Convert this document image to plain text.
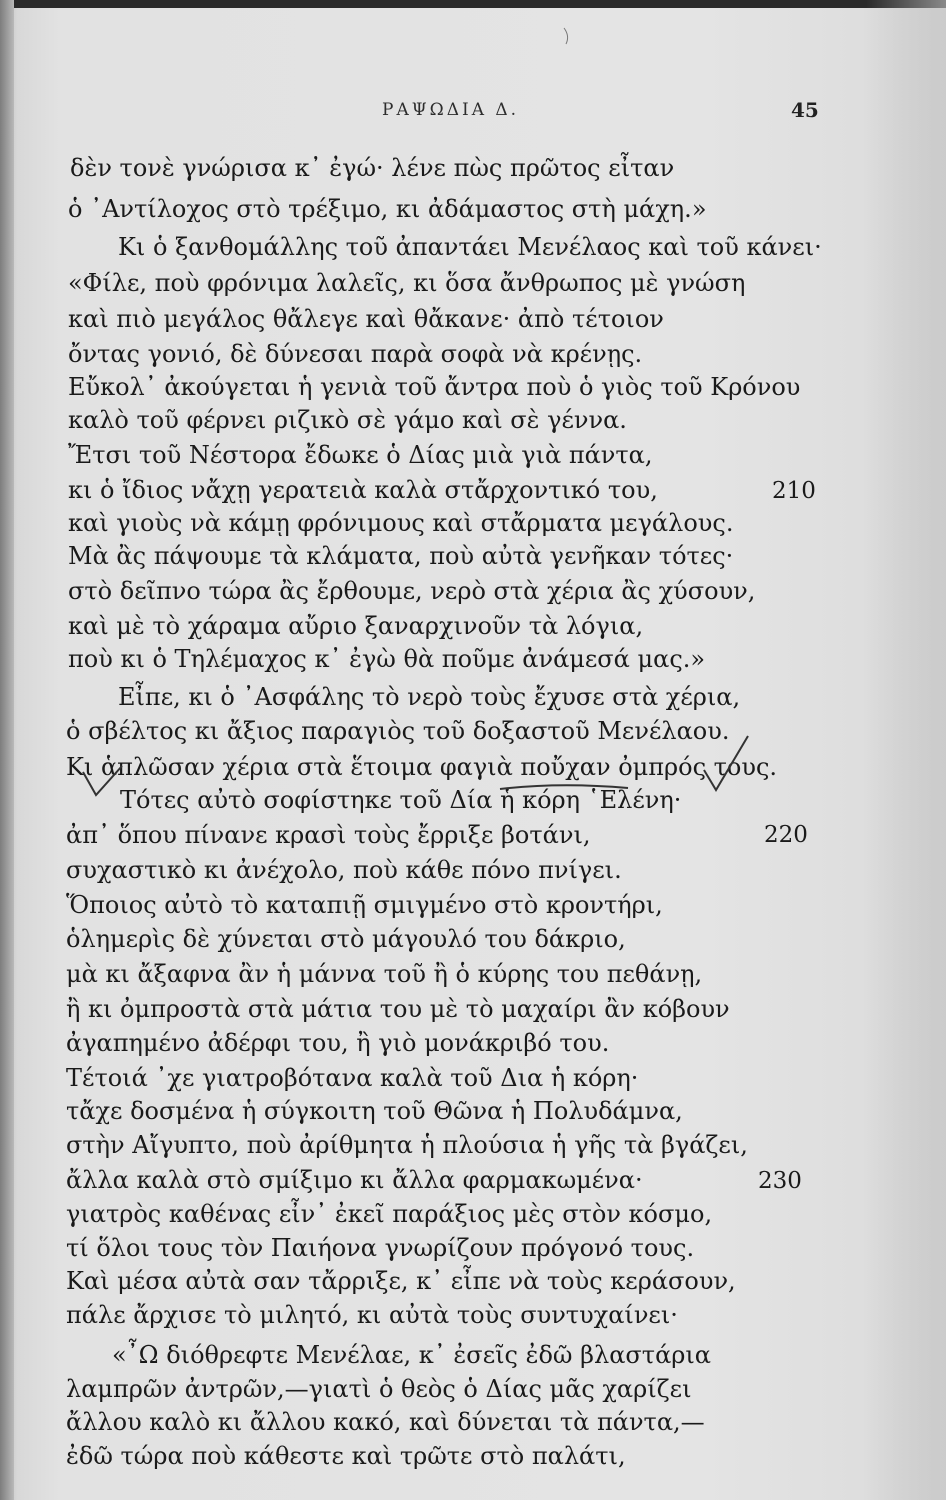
ΡΑΨΩΔΙΑ Δ.	45
δὲν τονὲ γνώρισα κ᾽ ἐγώ· λένε πὼς πρῶτος εἶταν
ὁ ᾽Αντίλοχος στὸ τρέξιμο, κι ἀδάμαστος στὴ μάχη.»
Κι ὁ ξανθομάλλης τοῦ ἀπαντάει Μενέλαος καὶ τοῦ κάνει·
«Φίλε, ποὺ φρόνιμα λαλεῖς, κι ὅσα ἄνθρωπος μὲ γνώση
καὶ πιὸ μεγάλος θἄλεγε καὶ θἄκανε· ἀπὸ τέτοιον
ὄντας γονιό, δὲ δύνεσαι παρὰ σοφὰ νὰ κρένῃς.
Εὔκολ᾽ ἀκούγεται ἡ γενιὰ τοῦ ἄντρα ποὺ ὁ γιὸς τοῦ Κρόνου
καλὸ τοῦ φέρνει ριζικὸ σὲ γάμο καὶ σὲ γέννα.
Ἔτσι τοῦ Νέστορα ἔδωκε ὁ Δίας μιὰ γιὰ πάντα,
κι ὁ ἴδιος νἄχῃ γερατειὰ καλὰ στἄρχοντικό του,
καὶ γιοὺς νὰ κάμῃ φρόνιμους καὶ στἄρματα μεγάλους.
Μὰ ἂς πάψουμε τὰ κλάματα, ποὺ αὐτὰ γενῆκαν τότες·
στὸ δεῖπνο τώρα ἂς ἔρθουμε, νερὸ στὰ χέρια ἂς χύσουν,
καὶ μὲ τὸ χάραμα αὔριο ξαναρχινοῦν τὰ λόγια,
ποὺ κι ὁ Τηλέμαχος κ᾽ ἐγὼ θὰ ποῦμε ἀνάμεσά μας.»
Εἶπε, κι ὁ ᾽Ασφάλης τὸ νερὸ τοὺς ἔχυσε στὰ χέρια,
ὁ σβέλτος κι ἄξιος παραγιὸς τοῦ δοξαστοῦ Μενέλαου.
Κι ἁπλῶσαν χέρια στὰ ἕτοιμα φαγιὰ ποὔχαν ὀμπρός τους.
Τότες αὐτὸ σοφίστηκε τοῦ Δία ἡ κόρη ῾Ελένη·
ἀπ᾽ ὅπου πίνανε κρασὶ τοὺς ἔρριξε βοτάνι,
συχαστικὸ κι ἀνέχολο, ποὺ κάθε πόνο πνίγει.
Ὅποιος αὐτὸ τὸ καταπιῇ σμιγμένο στὸ κροντήρι,
ὁλημερὶς δὲ χύνεται στὸ μάγουλό του δάκριο,
μὰ κι ἄξαφνα ἂν ἡ μάννα τοῦ ἢ ὁ κύρης του πεθάνῃ,
ἢ κι ὀμπροστὰ στὰ μάτια του μὲ τὸ μαχαίρι ἂν κόβουν
ἀγαπημένο ἀδέρφι του, ἢ γιὸ μονάκριβό του.
Τέτοιά ᾽χε γιατροβότανα καλὰ τοῦ Δια ἡ κόρη·
τἄχε δοσμένα ἡ σύγκοιτη τοῦ Θῶνα ἡ Πολυδάμνα,
στὴν Αἴγυπτο, ποὺ ἀρίθμητα ἡ πλούσια ἡ γῆς τὰ βγάζει,
ἄλλα καλὰ στὸ σμίξιμο κι ἄλλα φαρμακωμένα·
γιατρὸς καθένας εἶν᾽ ἐκεῖ παράξιος μὲς στὸν κόσμο,
τί ὅλοι τους τὸν Παιήονα γνωρίζουν πρόγονό τους.
Καὶ μέσα αὐτὰ σαν τἄρριξε, κ᾽ εἶπε νὰ τοὺς κεράσουν,
πάλε ἄρχισε τὸ μιλητό, κι αὐτὰ τοὺς συντυχαίνει·
«῏Ω διόθρεφτε Μενέλαε, κ᾽ ἐσεῖς ἐδῶ βλαστάρια
λαμπρῶν ἀντρῶν,—γιατὶ ὁ θεὸς ὁ Δίας μᾶς χαρίζει
ἄλλου καλὸ κι ἄλλου κακό, καὶ δύνεται τὰ πάντα,—
ἐδῶ τώρα ποὺ κάθεστε καὶ τρῶτε στὸ παλάτι,
210
220
230
